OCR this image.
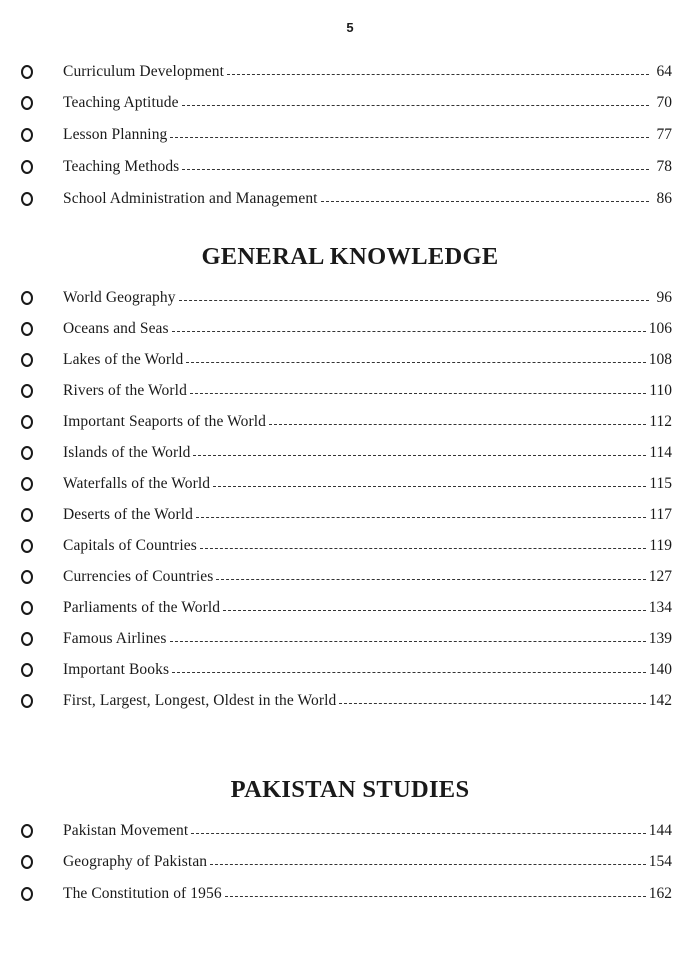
5
Curriculum Development	64
Teaching Aptitude	70
Lesson Planning	77
Teaching Methods	78
School Administration and Management	86
GENERAL KNOWLEDGE
World Geography	96
Oceans and Seas	106
Lakes of the World	108
Rivers of the World	110
Important Seaports of the World	112
Islands of the World	114
Waterfalls of the World	115
Deserts of the World	117
Capitals of Countries	119
Currencies of Countries	127
Parliaments of the World	134
Famous Airlines	139
Important Books	140
First, Largest, Longest, Oldest in the World	142
PAKISTAN STUDIES
Pakistan Movement	144
Geography of Pakistan	154
The Constitution of 1956	162
